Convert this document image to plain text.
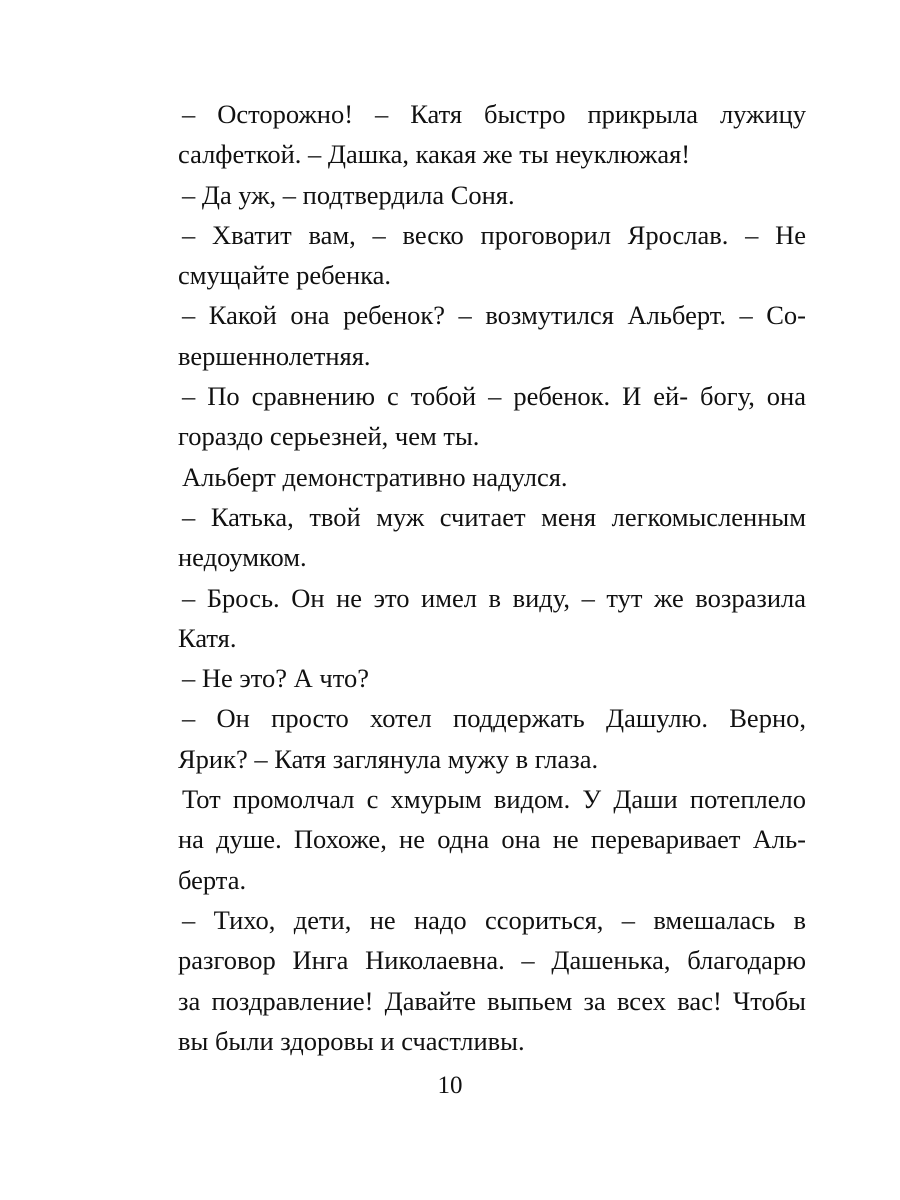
– Осторожно! – Катя быстро прикрыла лужицу
салфеткой. – Дашка, какая же ты неуклюжая!

– Да уж, – подтвердила Соня.

– Хватит вам, – веско проговорил Ярослав. – Не
смущайте ребенка.

– Какой она ребенок? – возмутился Альберт. – Со-
вершеннолетняя.

– По сравнению с тобой – ребенок. И ей- богу, она
гораздо серьезней, чем ты.

Альберт демонстративно надулся.

– Катька, твой муж считает меня легкомысленным
недоумком.

– Брось. Он не это имел в виду, – тут же возразила
Катя.

– Не это? А что?

– Он просто хотел поддержать Дашулю. Верно,
Ярик? – Катя заглянула мужу в глаза.

Тот промолчал с хмурым видом. У Даши потеплело
на душе. Похоже, не одна она не переваривает Аль-
берта.

– Тихо, дети, не надо ссориться, – вмешалась в
разговор Инга Николаевна. – Дашенька, благодарю
за поздравление! Давайте выпьем за всех вас! Чтобы
вы были здоровы и счастливы.

10
